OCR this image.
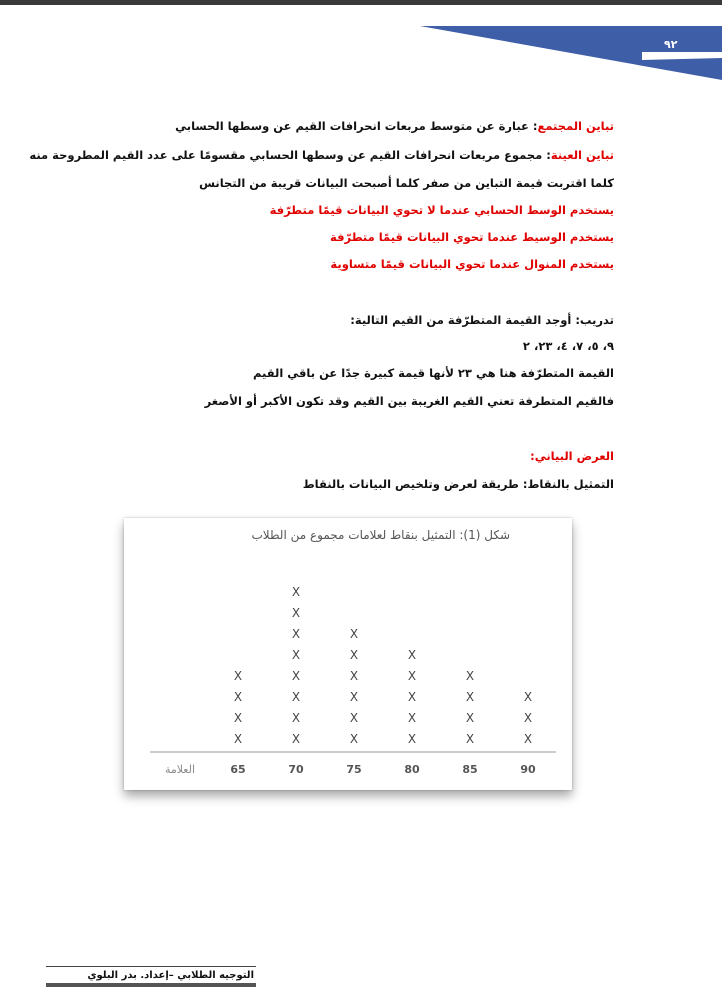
٩٢
تباين المجتمع: عبارة عن متوسط مربعات انحرافات القيم عن وسطها الحسابي
تباين العينة: مجموع مربعات انحرافات القيم عن وسطها الحسابي مقسومًا على عدد القيم المطروحة منه
كلما اقتربت قيمة التباين من صفر كلما أصبحت البيانات قريبة من التجانس
يستخدم الوسط الحسابي عندما لا تحوي البيانات قيمًا متطرّفة
يستخدم الوسيط عندما تحوي البيانات قيمًا متطرّفة
يستخدم المنوال عندما تحوي البيانات قيمًا متساوية
تدريب: أوجد القيمة المتطرّفة من القيم التالية:
٩، ٥، ٧، ٤، ٢٣، ٢
القيمة المتطرّفة هنا هي ٢٣ لأنها قيمة كبيرة جدًا عن باقي القيم
فالقيم المتطرفة تعني القيم الغريبة بين القيم وقد تكون الأكبر أو الأصغر
العرض البياني:
التمثيل بالنقاط: طريقة لعرض وتلخيص البيانات بالنقاط
شكل (1): التمثيل بنقاط لعلامات مجموع من الطلاب
65
X
X
X
X
70
X
X
X
X
X
X
X
X
75
X
X
X
X
X
X
80
X
X
X
X
X
85
X
X
X
X
90
X
X
X
العلامة
التوجيه الطلابي –إعداد. بدر البلوي
